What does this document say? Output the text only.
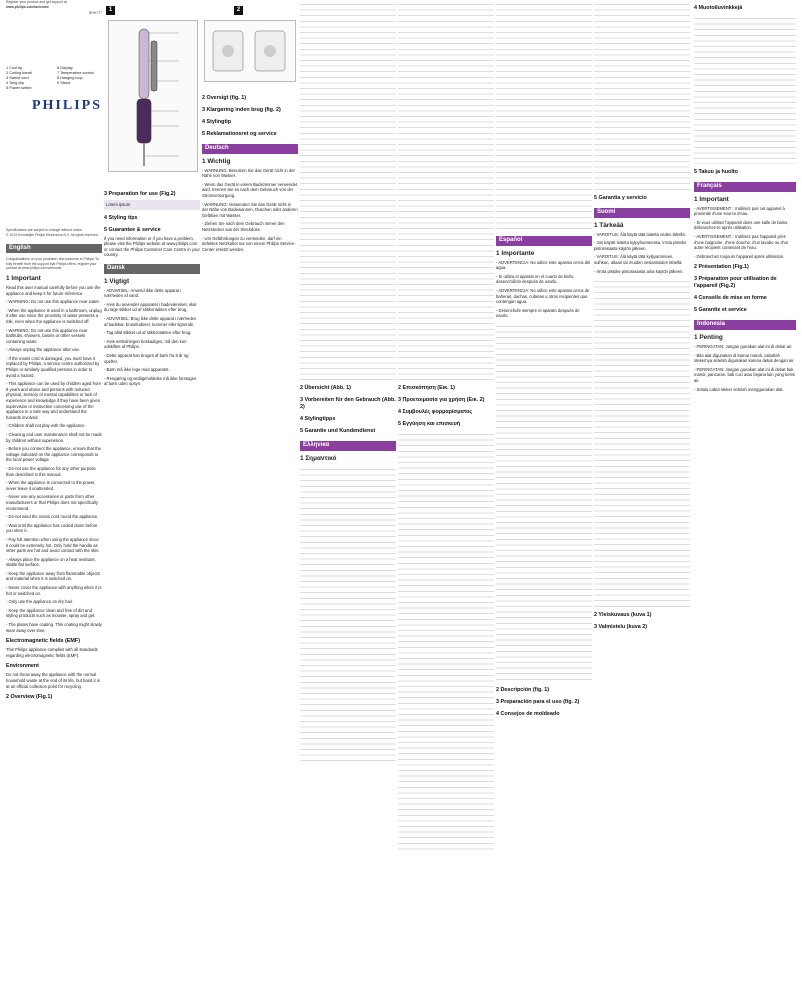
Register your product and get support at
www.philips.com/welcome
BHH777
1 Cool-tip
2 Curling barrel
3 Swivel cord
4 Tong clip
5 Power switch
6 Display
7 Temperature control
8 Hanging loop
9 Stand
PHILIPS
Specifications are subject to change without notice
© 2013 Koninklijke Philips Electronics N.V. All rights reserved.
English

Congratulations on your purchase, and welcome to Philips! To fully benefit from the support that Philips offers, register your product at www.philips.com/welcome.

1 Important

Read this user manual carefully before you use the appliance and keep it for future reference.

- WARNING: Do not use this appliance near water.

- When the appliance is used in a bathroom, unplug it after use since the proximity of water presents a risk, even when the appliance is switched off.

- WARNING: Do not use this appliance near bathtubs, showers, basins or other vessels containing water.

- Always unplug the appliance after use.

- If the mains cord is damaged, you must have it replaced by Philips, a service centre authorized by Philips or similarly qualified persons in order to avoid a hazard.

- This appliance can be used by children aged from 8 years and above and persons with reduced physical, sensory or mental capabilities or lack of experience and knowledge if they have been given supervision or instruction concerning use of the appliance in a safe way and understand the hazards involved.

- Children shall not play with the appliance.

- Cleaning and user maintenance shall not be made by children without supervision.

- Before you connect the appliance, ensure that the voltage indicated on the appliance corresponds to the local power voltage.

- Do not use the appliance for any other purpose than described in this manual.

- When the appliance is connected to the power, never leave it unattended.

- Never use any accessories or parts from other manufacturers or that Philips does not specifically recommend.

- Do not wind the mains cord round the appliance.

- Wait until the appliance has cooled down before you store it.

- Pay full attention when using the appliance since it could be extremely hot. Only hold the handle as other parts are hot and avoid contact with the skin.

- Always place the appliance on a heat resistant, stable flat surface.

- Keep the appliance away from flammable objects and material when it is switched on.

- Never cover the appliance with anything when it is hot or switched on.

- Only use the appliance on dry hair.

- Keep the appliance clean and free of dirt and styling products such as mousse, spray and gel.

- The plates have coating. This coating might slowly wear away over time.

Electromagnetic fields (EMF)

This Philips appliance complies with all standards regarding electromagnetic fields (EMF).

Environment

Do not throw away the appliance with the normal household waste at the end of its life, but hand it in at an official collection point for recycling.

2 Overview (Fig.1)
1
3 Preparation for use (Fig.2)

Lorem ipsum

4 Styling tips
5 Guarantee & service

If you need information or if you have a problem, please visit the Philips website at www.philips.com or contact the Philips Customer Care Centre in your country.

Dansk
1 Vigtigt

- ADVARSEL: Anvend ikke dette apparat i nærheden af vand.

- Hvis du anvender apparatet i badeværelset, skal du tage stikket ud af stikkontakten efter brug.

- ADVARSEL: Brug ikke dette apparat i nærheden af badekar, brusekabiner, kummer eller lignende.

- Tag altid stikket ud af stikkontakten efter brug.

- Hvis netledningen beskadiges, må den kun udskiftes af Philips.

- Dette apparat kan bruges af børn fra 8 år og opefter.

- Børn må ikke lege med apparatet.

- Rengøring og vedligeholdelse må ikke foretages af børn uden opsyn.

2
2 Oversigt (fig. 1)
3 Klargøring inden brug (fig. 2)
4 Stylingtip
5 Reklamationsret og service
Deutsch
1 Wichtig

- WARNUNG: Benutzen Sie das Gerät nicht in der Nähe von Wasser.

- Wenn das Gerät in einem Badezimmer verwendet wird, trennen Sie es nach dem Gebrauch von der Stromversorgung.

- WARNUNG: Verwenden Sie das Gerät nicht in der Nähe von Badewannen, Duschen oder anderen Gefäßen mit Wasser.

- Ziehen Sie nach dem Gebrauch immer den Netzstecker aus der Steckdose.

- Um Gefährdungen zu vermeiden, darf ein defektes Netzkabel nur von einem Philips Service-Center ersetzt werden.

2 Übersicht (Abb. 1)
3 Vorbereiten für den Gebrauch (Abb. 2)
4 Stylingtipps
5 Garantie und Kundendienst
Ελληνικα
1 Σημαντικό
2 Επισκόπηση (Εικ. 1)
3 Προετοιμασία για χρήση (Εικ. 2)
4 Συμβουλές φορμαρίσματος
5 Εγγύηση και επισκευή
Español
1 Importante

- ADVERTENCIA: No utilice este aparato cerca del agua.

- Si utiliza el aparato en el cuarto de baño, desenchúfelo después de usarlo.

- ADVERTENCIA: No utilice este aparato cerca de bañeras, duchas, cubetas u otros recipientes que contengan agua.

- Desenchufe siempre el aparato después de usarlo.

2 Descripción (fig. 1)
3 Preparación para el uso (fig. 2)
4 Consejos de moldeado
5 Garantía y servicio
Suomi
1 Tärkeää

- VAROITUS: Älä käytä tätä laitetta veden lähellä.

- Jos käytät laitetta kylpyhuoneessa, irrota pistoke pistorasiasta käytön jälkeen.

- VAROITUS: Älä käytä tätä kylpyammeen, suihkun, altaan tai muiden vesiastioiden lähellä.

- Irrota pistoke pistorasiasta aina käytön jälkeen.

2 Yleiskuvaus (kuva 1)
3 Valmistelu (kuva 2)
4 Muotoiluvinkkejä
5 Takuu ja huolto
Français
1 Important

- AVERTISSEMENT : n'utilisez pas cet appareil à proximité d'une source d'eau.

- Si vous utilisez l'appareil dans une salle de bains, débranchez-le après utilisation.

- AVERTISSEMENT : n'utilisez pas l'appareil près d'une baignoire, d'une douche, d'un lavabo ou d'un autre récipient contenant de l'eau.

- Débranchez toujours l'appareil après utilisation.

2 Présentation (Fig.1)
3 Préparation pour utilisation de l'appareil (Fig.2)
4 Conseils de mise en forme
5 Garantie et service
Indonesia
1 Penting

- PERINGATAN: Jangan gunakan alat ini di dekat air.

- Bila alat digunakan di kamar mandi, cabutlah stekernya setelah digunakan karena dekat dengan air.

- PERINGATAN: Jangan gunakan alat ini di dekat bak mandi, pancuran, bak cuci atau bejana lain yang berisi air.

- Selalu cabut steker setelah menggunakan alat.
